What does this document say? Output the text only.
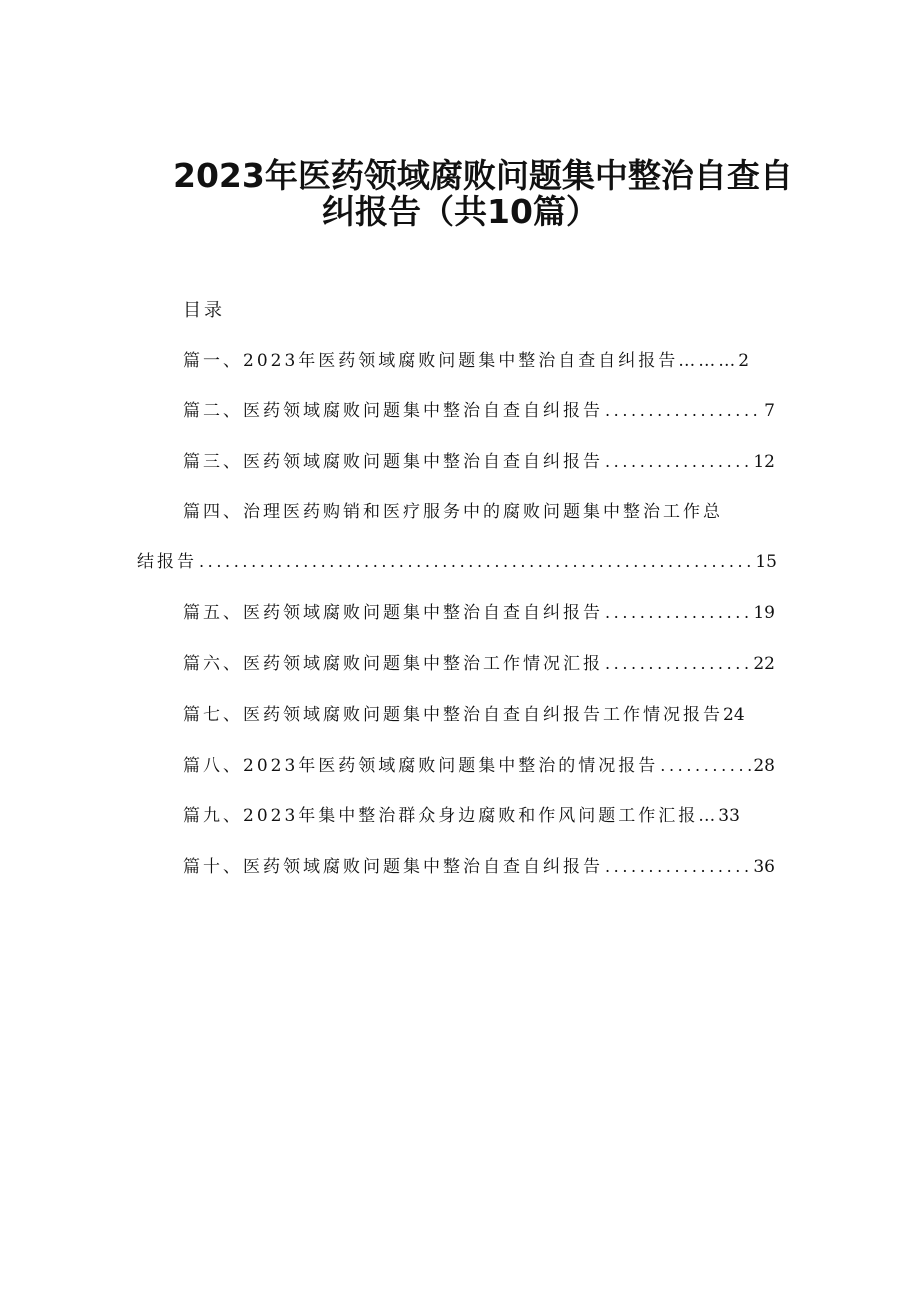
2023年医药领域腐败问题集中整治自查自
纠报告（共10篇）
目录
篇一、2023年医药领域腐败问题集中整治自查自纠报告……… 2
篇二、医药领域腐败问题集中整治自查自纠报告 .....	7
篇三、医药领域腐败问题集中整治自查自纠报告 .....	12
篇四、治理医药购销和医疗服务中的腐败问题集中整治工作总
结报告 .....	15
篇五、医药领域腐败问题集中整治自查自纠报告 .....	19
篇六、医药领域腐败问题集中整治工作情况汇报 .....	22
篇七、医药领域腐败问题集中整治自查自纠报告工作情况报告 24
篇八、2023年医药领域腐败问题集中整治的情况报告 .....	28
篇九、2023年集中整治群众身边腐败和作风问题工作汇报… 33
篇十、医药领域腐败问题集中整治自查自纠报告 .....	36
